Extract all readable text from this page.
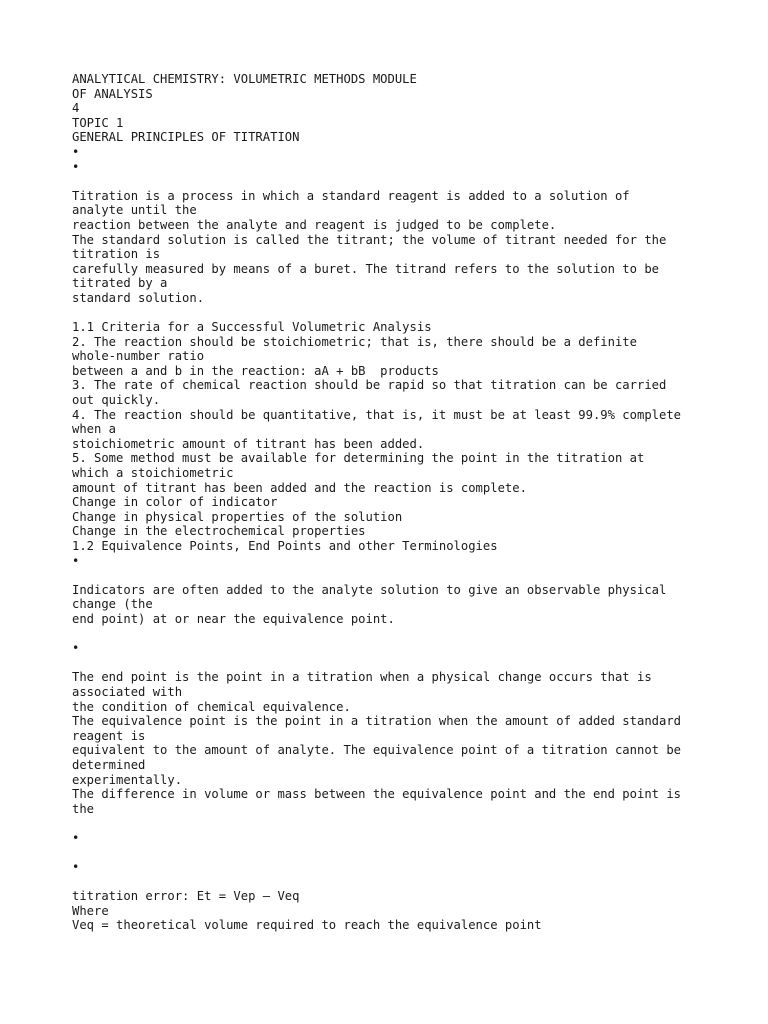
ANALYTICAL CHEMISTRY: VOLUMETRIC METHODS MODULE
OF ANALYSIS
4
TOPIC 1
GENERAL PRINCIPLES OF TITRATION
•
•
Titration is a process in which a standard reagent is added to a solution of
analyte until the
reaction between the analyte and reagent is judged to be complete.
The standard solution is called the titrant; the volume of titrant needed for the
titration is
carefully measured by means of a buret. The titrand refers to the solution to be
titrated by a
standard solution.
1.1 Criteria for a Successful Volumetric Analysis
2. The reaction should be stoichiometric; that is, there should be a definite
whole-number ratio
between a and b in the reaction: aA + bB  products
3. The rate of chemical reaction should be rapid so that titration can be carried
out quickly.
4. The reaction should be quantitative, that is, it must be at least 99.9% complete
when a
stoichiometric amount of titrant has been added.
5. Some method must be available for determining the point in the titration at
which a stoichiometric
amount of titrant has been added and the reaction is complete.
Change in color of indicator
Change in physical properties of the solution
Change in the electrochemical properties
1.2 Equivalence Points, End Points and other Terminologies
•
Indicators are often added to the analyte solution to give an observable physical
change (the
end point) at or near the equivalence point.
•
The end point is the point in a titration when a physical change occurs that is
associated with
the condition of chemical equivalence.
The equivalence point is the point in a titration when the amount of added standard
reagent is
equivalent to the amount of analyte. The equivalence point of a titration cannot be
determined
experimentally.
The difference in volume or mass between the equivalence point and the end point is
the
•
•
titration error: Et = Vep – Veq
Where
Veq = theoretical volume required to reach the equivalence point
